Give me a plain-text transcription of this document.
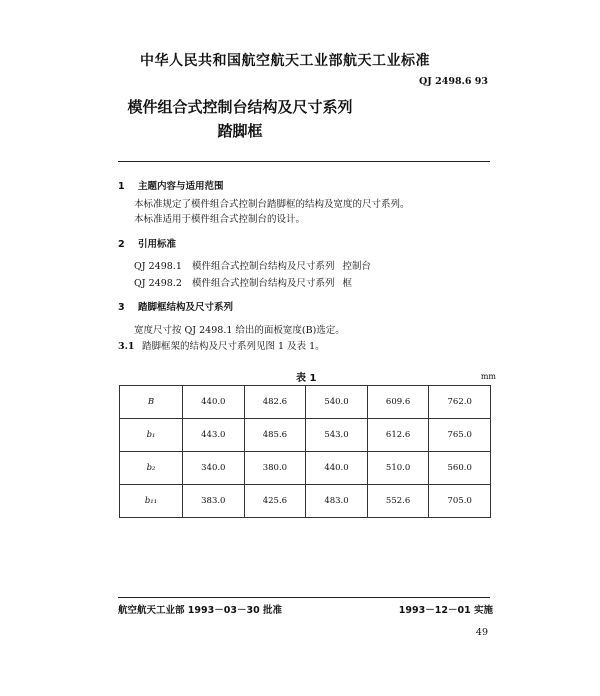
中华人民共和国航空航天工业部航天工业标准
QJ 2498.6 93
模件组合式控制台结构及尺寸系列
踏脚框
1 主题内容与适用范围
本标准规定了模件组合式控制台踏脚框的结构及宽度的尺寸系列。
本标准适用于模件组合式控制台的设计。
2 引用标准
QJ 2498.1 模件组合式控制台结构及尺寸系列 控制台
QJ 2498.2 模件组合式控制台结构及尺寸系列 框
3 踏脚框结构及尺寸系列
宽度尺寸按 QJ 2498.1 给出的面板宽度(B)选定。
3.1 踏脚框架的结构及尺寸系列见图 1 及表 1。
表 1	mm
B	440.0	482.6	540.0	609.6	762.0
b₁	443.0	485.6	543.0	612.6	765.0
b₂	340.0	380.0	440.0	510.0	560.0
b₁₁	383.0	425.6	483.0	552.6	705.0
航空航天工业部 1993－03－30 批准	1993－12－01 实施
49
